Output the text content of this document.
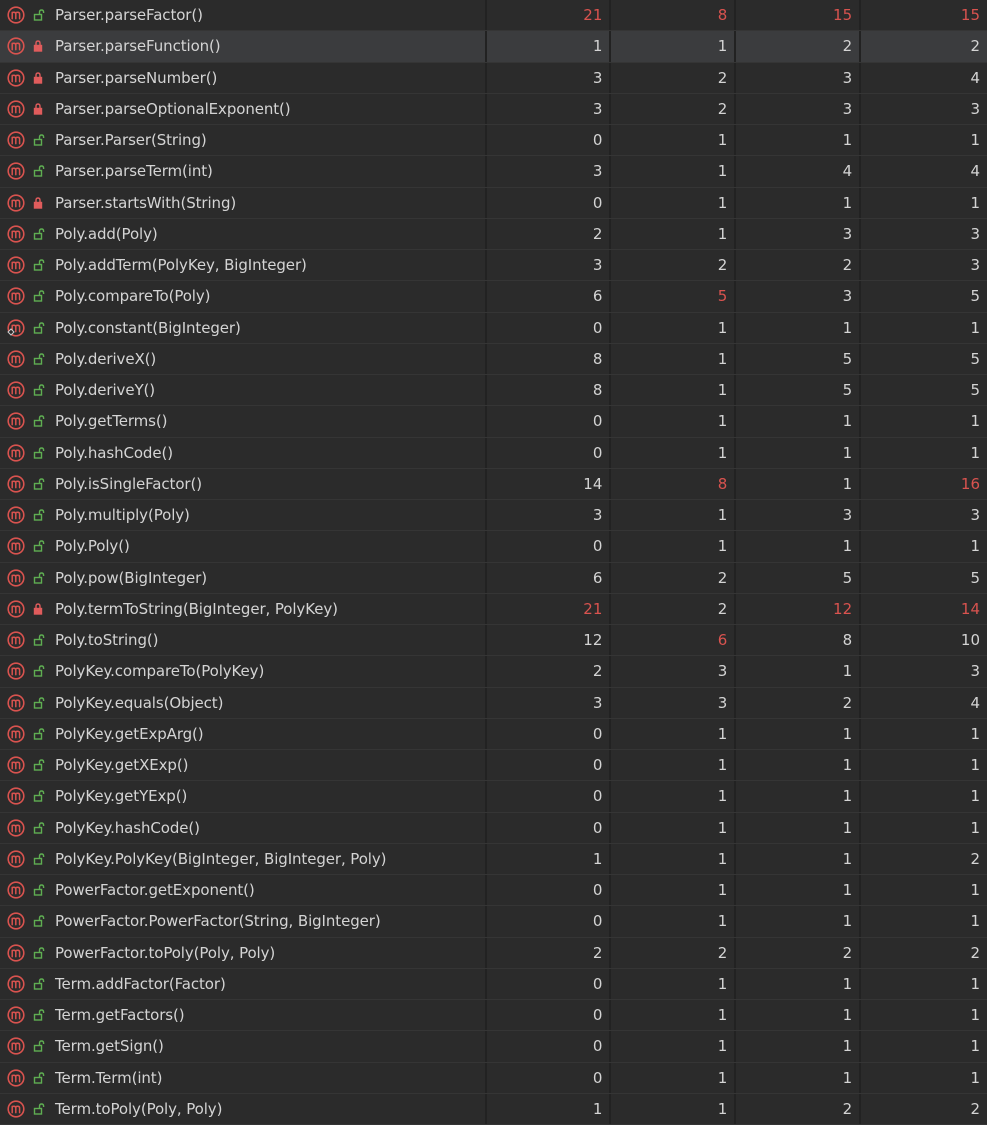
Parser.parseFactor()	21	8	15	15
Parser.parseFunction()	1	1	2	2
Parser.parseNumber()	3	2	3	4
Parser.parseOptionalExponent()	3	2	3	3
Parser.Parser(String)	0	1	1	1
Parser.parseTerm(int)	3	1	4	4
Parser.startsWith(String)	0	1	1	1
Poly.add(Poly)	2	1	3	3
Poly.addTerm(PolyKey, BigInteger)	3	2	2	3
Poly.compareTo(Poly)	6	5	3	5
Poly.constant(BigInteger)	0	1	1	1
Poly.deriveX()	8	1	5	5
Poly.deriveY()	8	1	5	5
Poly.getTerms()	0	1	1	1
Poly.hashCode()	0	1	1	1
Poly.isSingleFactor()	14	8	1	16
Poly.multiply(Poly)	3	1	3	3
Poly.Poly()	0	1	1	1
Poly.pow(BigInteger)	6	2	5	5
Poly.termToString(BigInteger, PolyKey)	21	2	12	14
Poly.toString()	12	6	8	10
PolyKey.compareTo(PolyKey)	2	3	1	3
PolyKey.equals(Object)	3	3	2	4
PolyKey.getExpArg()	0	1	1	1
PolyKey.getXExp()	0	1	1	1
PolyKey.getYExp()	0	1	1	1
PolyKey.hashCode()	0	1	1	1
PolyKey.PolyKey(BigInteger, BigInteger, Poly)	1	1	1	2
PowerFactor.getExponent()	0	1	1	1
PowerFactor.PowerFactor(String, BigInteger)	0	1	1	1
PowerFactor.toPoly(Poly, Poly)	2	2	2	2
Term.addFactor(Factor)	0	1	1	1
Term.getFactors()	0	1	1	1
Term.getSign()	0	1	1	1
Term.Term(int)	0	1	1	1
Term.toPoly(Poly, Poly)	1	1	2	2
